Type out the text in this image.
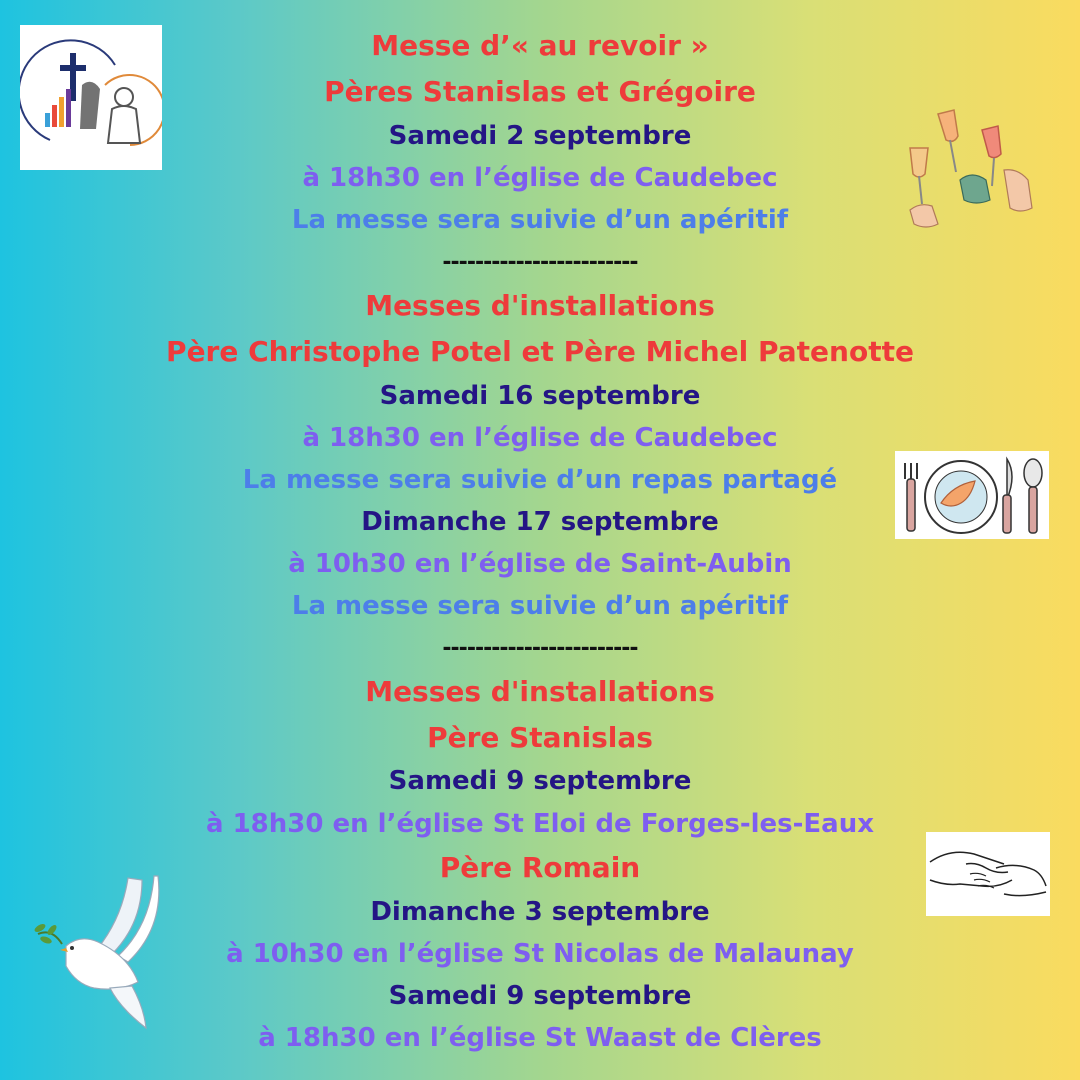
Messe d’« au revoir »
Pères Stanislas et Grégoire
Samedi 2 septembre
à 18h30 en l’église de Caudebec
La messe sera suivie d’un apéritif
------------------------
Messes d'installations
Père Christophe Potel et Père Michel Patenotte
Samedi 16 septembre
à 18h30 en l’église de Caudebec
La messe sera suivie d’un repas partagé
Dimanche 17 septembre
à 10h30 en l’église de Saint-Aubin
La messe sera suivie d’un apéritif
------------------------
Messes d'installations
Père Stanislas
Samedi 9 septembre
à 18h30 en l’église St Eloi de Forges-les-Eaux
Père Romain
Dimanche 3 septembre
à 10h30 en l’église St Nicolas de Malaunay
Samedi 9 septembre
à 18h30 en l’église St Waast de Clères
